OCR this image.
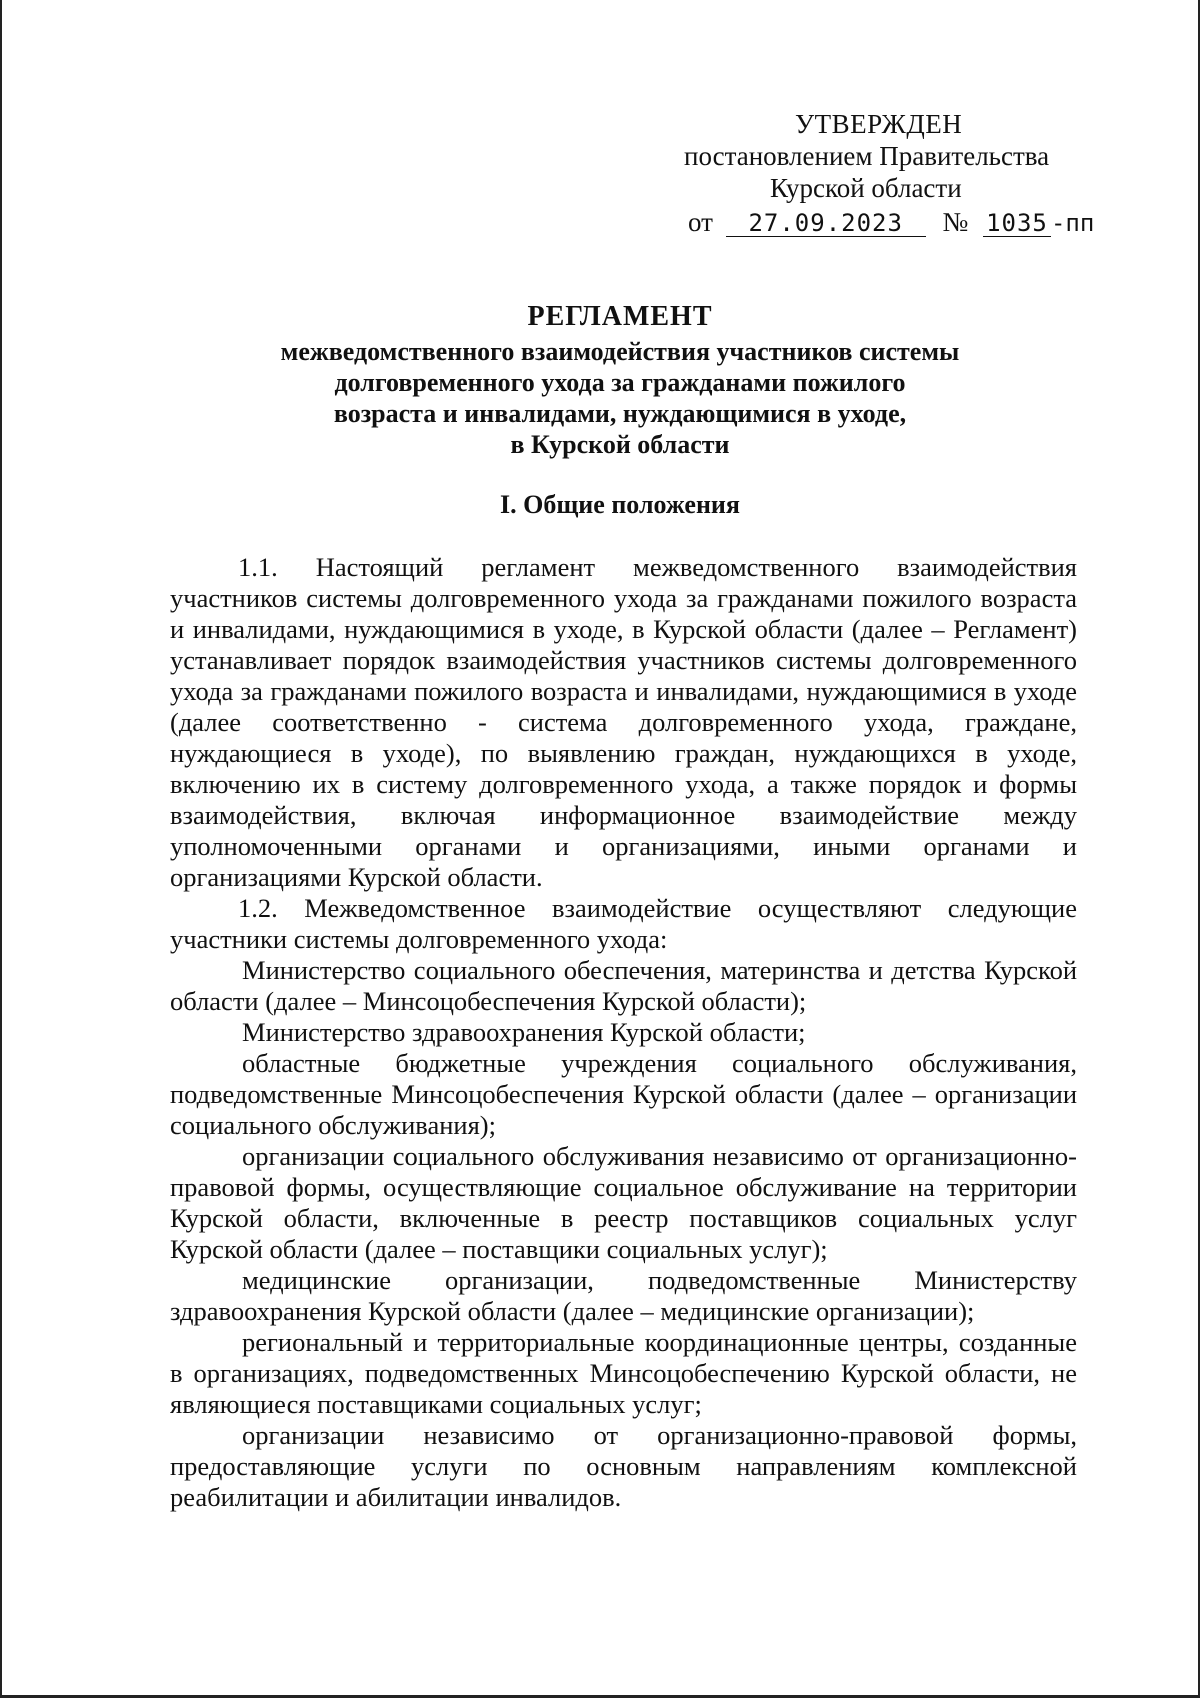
УТВЕРЖДЕН
постановлением Правительства
Курской области
от 27.09.2023 № 1035 -пп
РЕГЛАМЕНТ
межведомственного взаимодействия участников системы
долговременного ухода за гражданами пожилого
возраста и инвалидами, нуждающимися в уходе,
в Курской области
I. Общие положения

1.1. Настоящий регламент межведомственного взаимодействия участников системы долговременного ухода за гражданами пожилого возраста и инвалидами, нуждающимися в уходе, в Курской области (далее – Регламент) устанавливает порядок взаимодействия участников системы долговременного ухода за гражданами пожилого возраста и инвалидами, нуждающимися в уходе (далее соответственно - система долговременного ухода, граждане, нуждающиеся в уходе), по выявлению граждан, нуждающихся в уходе, включению их в систему долговременного ухода, а также порядок и формы взаимодействия, включая информационное взаимодействие между уполномоченными органами и организациями, иными органами и организациями Курской области.

1.2. Межведомственное взаимодействие осуществляют следующие участники системы долговременного ухода:

Министерство социального обеспечения, материнства и детства Курской области (далее – Минсоцобеспечения Курской области);

Министерство здравоохранения Курской области;

областные бюджетные учреждения социального обслуживания, подведомственные Минсоцобеспечения Курской области (далее – организации социального обслуживания);

организации социального обслуживания независимо от организационно-правовой формы, осуществляющие социальное обслуживание на территории Курской области, включенные в реестр поставщиков социальных услуг Курской области (далее – поставщики социальных услуг);

медицинские организации, подведомственные Министерству здравоохранения Курской области (далее – медицинские организации);

региональный и территориальные координационные центры, созданные в организациях, подведомственных Минсоцобеспечению Курской области, не являющиеся поставщиками социальных услуг;

организации независимо от организационно-правовой формы, предоставляющие услуги по основным направлениям комплексной реабилитации и абилитации инвалидов.
